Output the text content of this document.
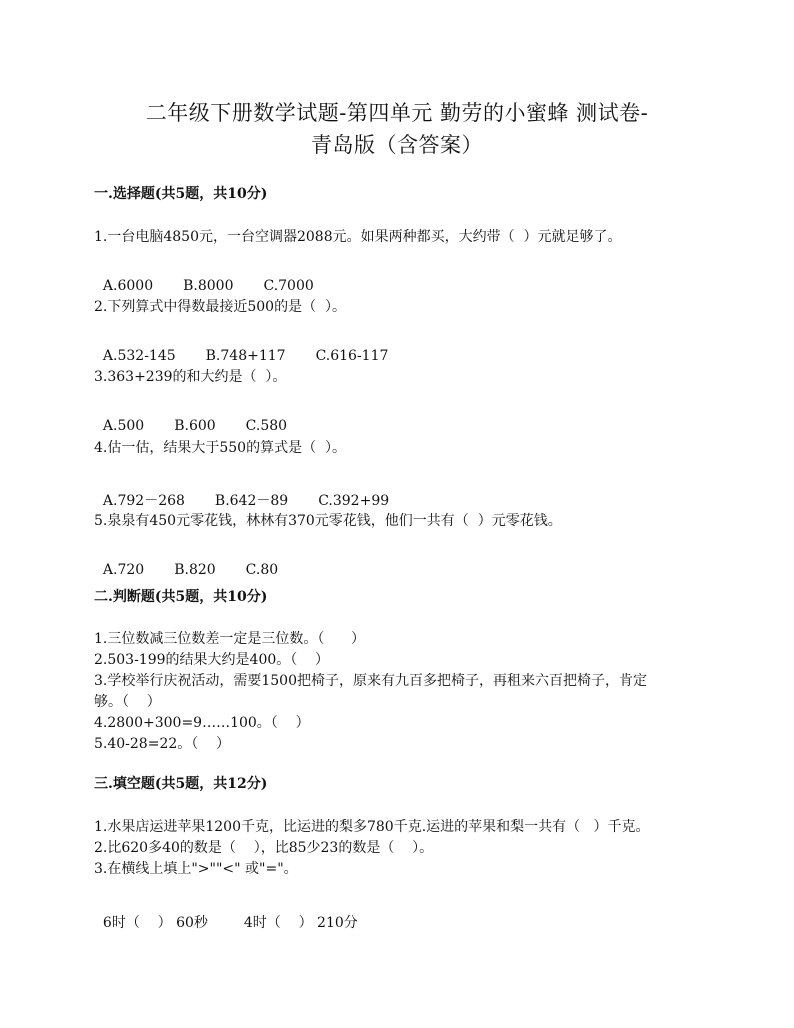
二年级下册数学试题-第四单元 勤劳的小蜜蜂 测试卷-
青岛版（含答案）
一.选择题(共5题，共10分)
1.一台电脑4850元，一台空调器2088元。如果两种都买，大约带（  ）元就足够了。

A.6000 B.8000 C.7000

2.下列算式中得数最接近500的是（  ）。

A.532-145 B.748+117 C.616-117

3.363+239的和大约是（  ）。

A.500 B.600 C.580

4.估一估，结果大于550的算式是（  ）。

A.792－268 B.642－89 C.392+99

5.泉泉有450元零花钱，林林有370元零花钱，他们一共有（  ）元零花钱。

A.720 B.820 C.80

二.判断题(共5题，共10分)
1.三位数减三位数差一定是三位数。（      ）
2.503-199的结果大约是400。（    ）
3.学校举行庆祝活动，需要1500把椅子，原来有九百多把椅子，再租来六百把椅子，肯定
够。（    ）
4.2800+300=9……100。（    ）
5.40-28=22。（    ）
三.填空题(共5题，共12分)
1.水果店运进苹果1200千克，比运进的梨多780千克.运进的苹果和梨一共有（   ）千克。
2.比620多40的数是（    ），比85少23的数是（    ）。
3.在横线上填上">""<" 或"="。

6时（    ） 60秒	4时（    ） 210分
